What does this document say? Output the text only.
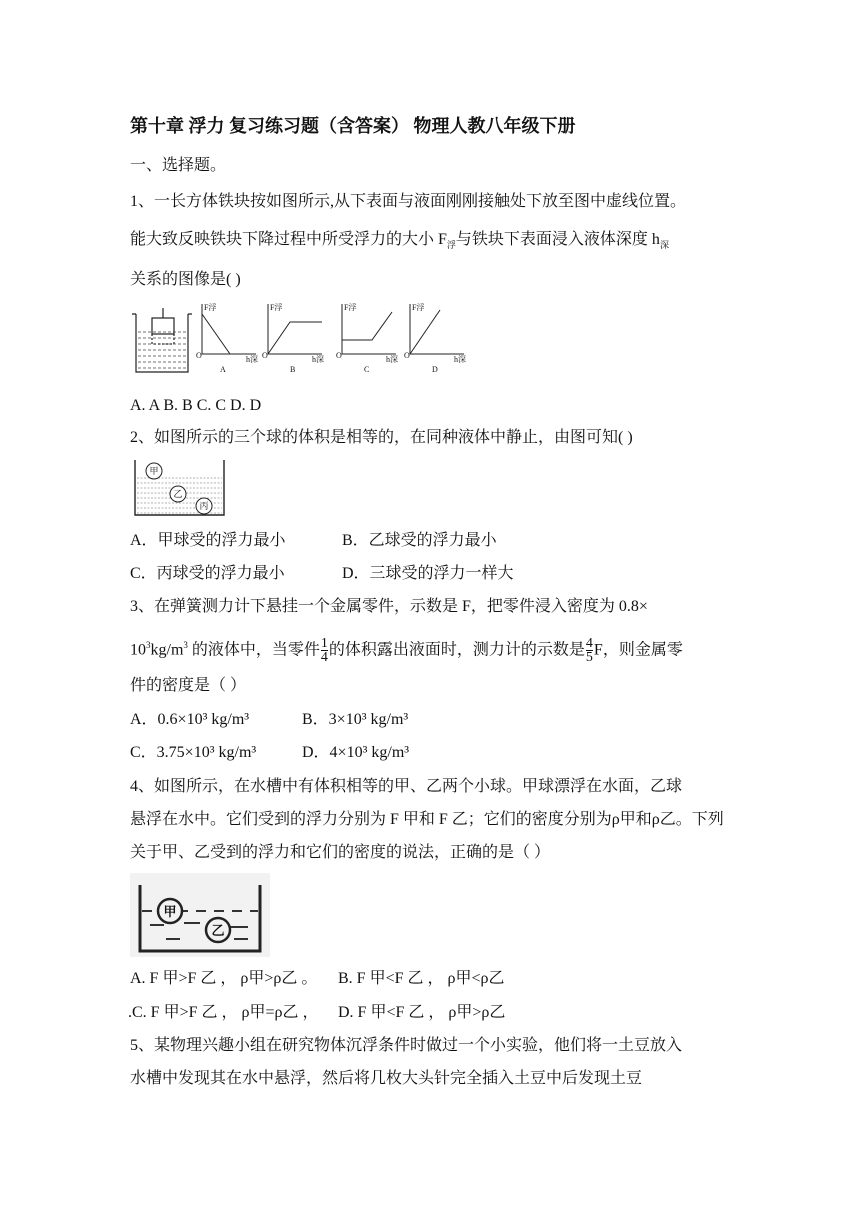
第十章 浮力 复习练习题（含答案） 物理人教八年级下册
一、选择题。
1、一长方体铁块按如图所示,从下表面与液面刚刚接触处下放至图中虚线位置。
能大致反映铁块下降过程中所受浮力的大小 $F_浮$与铁块下表面浸入液体深度 $h_深$
关系的图像是( )
F浮	F浮	F浮	F浮
h深	h深	h深	h深
O	O	O	O
A	B	C	D
A. A B. B C. C D. D
2、如图所示的三个球的体积是相等的，在同种液体中静止，由图可知( )
甲
乙
丙
A．甲球受的浮力最小	B．乙球受的浮力最小
C．丙球受的浮力最小	D．三球受的浮力一样大
3、在弹簧测力计下悬挂一个金属零件，示数是 F，把零件浸入密度为 0.8×
$10^3kg/m^3$ 的液体中，当零件 $\frac{1}{4}$ 的体积露出液面时，测力计的示数是 $\frac{4}{5}$ F，则金属零
件的密度是（ ）
A．0.6×10³ kg/m³	B．3×10³ kg/m³
C．3.75×10³ kg/m³	D．4×10³ kg/m³
4、如图所示，在水槽中有体积相等的甲、乙两个小球。甲球漂浮在水面，乙球
悬浮在水中。它们受到的浮力分别为 F 甲和 F 乙；它们的密度分别为ρ甲和ρ乙。下列
关于甲、乙受到的浮力和它们的密度的说法，正确的是（ ）
甲
乙
A. F 甲>F 乙 ， ρ甲>ρ乙 。 B. F 甲<F 乙 ， ρ甲<ρ乙
.C. F 甲>F 乙 ， ρ甲=ρ乙 ， D. F 甲<F 乙 ， ρ甲>ρ乙
5、某物理兴趣小组在研究物体沉浮条件时做过一个小实验，他们将一土豆放入
水槽中发现其在水中悬浮，然后将几枚大头针完全插入土豆中后发现土豆
